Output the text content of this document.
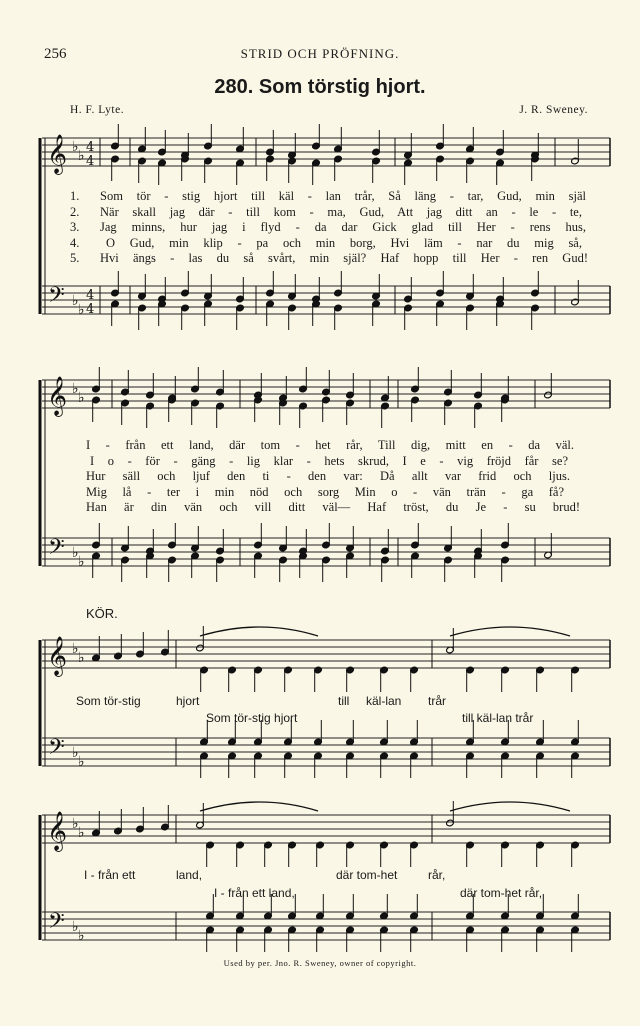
256	STRID OCH PRÖFNING.
280. Som törstig hjort.
H. F. Lyte.	J. R. Sweney.
𝄞
𝄢
♭
♭
♭
♭
4
4
4
4
𝄞
𝄢
♭
♭
♭
♭
𝄞
𝄢
♭
♭
♭
♭
𝄞
𝄢
♭
♭
♭
♭
1. Som tör - stig hjort till käl - lan trår, Så läng - tar, Gud, min själ
2. När skall jag där - till kom - ma, Gud, Att jag ditt an - le - te,
3. Jag minns, hur jag i flyd - da dar Gick glad till Her - rens hus,
4. O Gud, min klip - pa och min borg, Hvi läm - nar du mig så,
5. Hvi ängs - las du så svårt, min själ? Haf hopp till Her - ren Gud!
I - från ett land, där tom - het rår, Till dig, mitt en - da väl.
I o - för - gäng - lig klar - hets skrud, I e - vig fröjd får se?
Hur säll och ljuf den ti - den var: Då allt var frid och ljus.
Mig lå - ter i min nöd och sorg Min o - vän trän - ga få?
Han är din vän och vill ditt väl— Haf tröst, du Je - su brud!
KÖR.
Som tör-stig	hjort	till käl-lan trår
Som tör-stig hjort	till käl-lan trår
I - från ett	land,	där tom-het	rår,
I - från ett land,	där tom-het rår,
Used by per. Jno. R. Sweney, owner of copyright.
